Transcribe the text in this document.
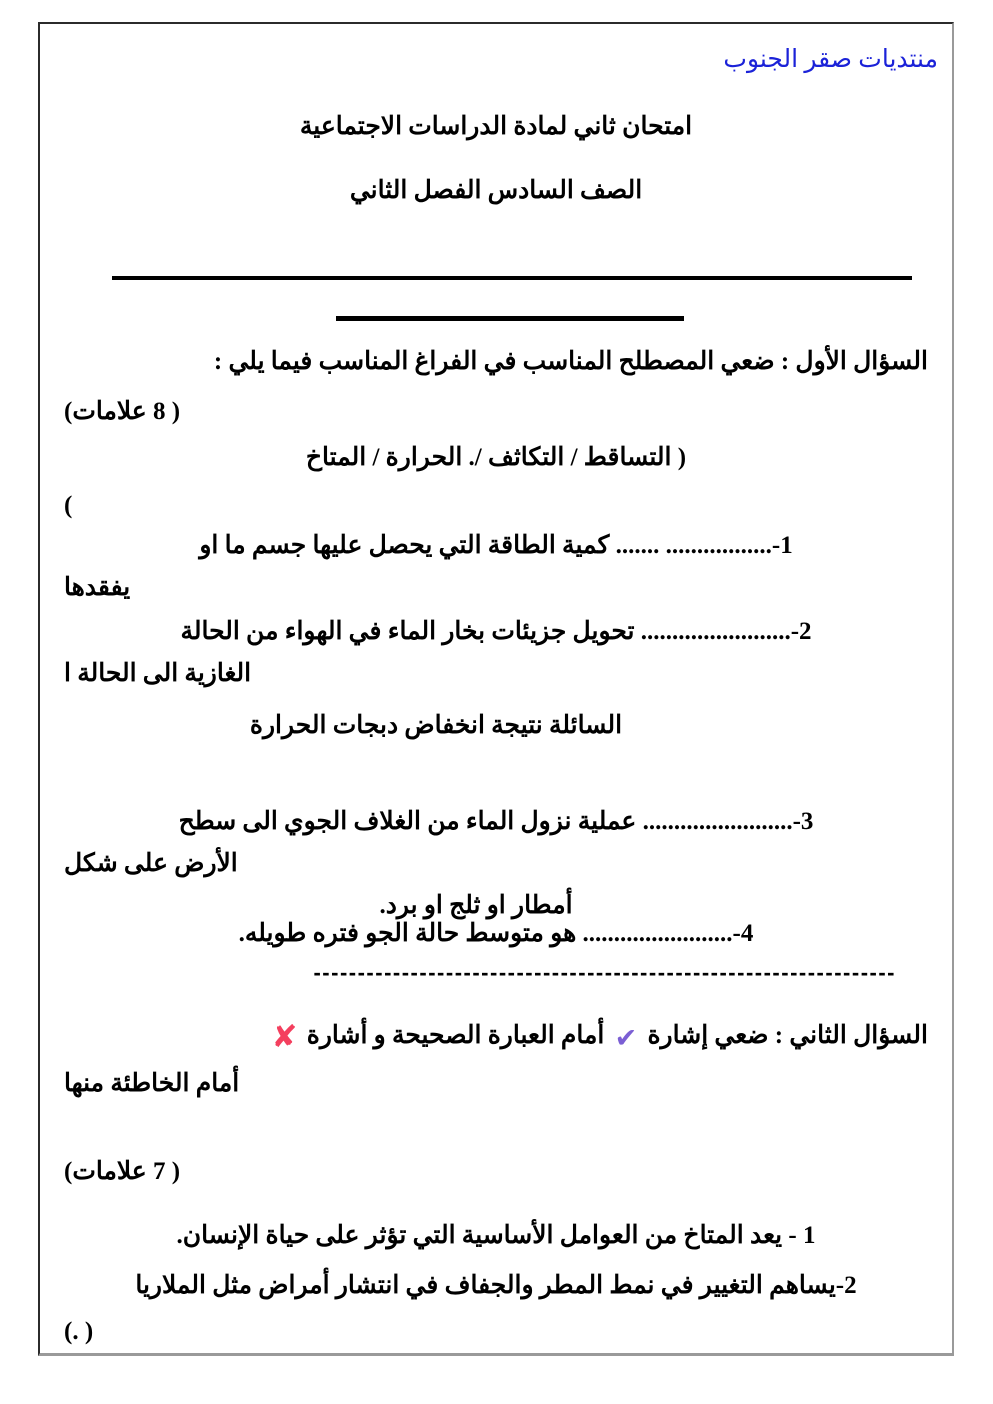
منتديات صقر الجنوب
امتحان ثاني لمادة الدراسات الاجتماعية
الصف السادس الفصل الثاني
السؤال الأول : ضعي المصطلح المناسب في الفراغ المناسب فيما يلي :
( 8 علامات)
( التساقط / التكاثف /. الحرارة / المتاخ
)
1-................. ....... كمية الطاقة التي يحصل عليها جسم ما او
يفقدها
2-........................ تحويل جزيئات بخار الماء في الهواء من الحالة
الغازية الى الحالة ا
السائلة نتيجة انخفاض دبجات الحرارة
3-........................ عملية نزول الماء من الغلاف الجوي الى سطح
الأرض على شكل
أمطار او ثلج او برد.
4-........................ هو متوسط حالة الجو فتره طويله.
------------------------------------------------------------------
السؤال الثاني : ضعي إشارة ✔ أمام العبارة الصحيحة و أشارة ✘
أمام الخاطئة منها
( 7 علامات)
1 - يعد المتاخ من العوامل الأساسية التي تؤثر على حياة الإنسان.
2-يساهم التغيير في نمط المطر والجفاف في انتشار أمراض مثل الملاريا
( .)
